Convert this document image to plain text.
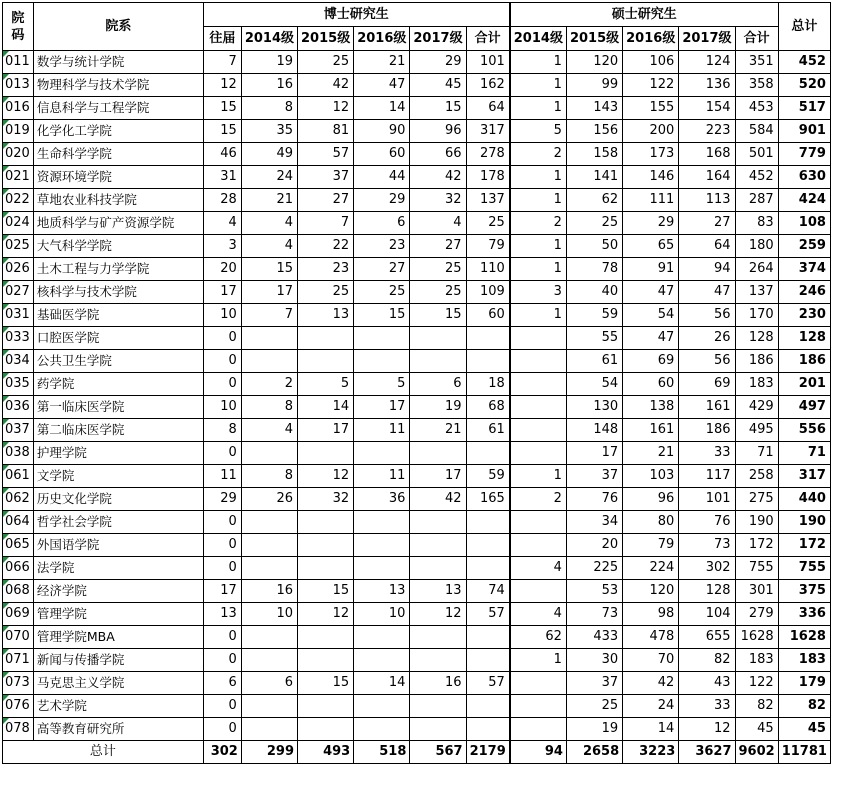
院
码	院系	博士研究生						硕士研究生					总计
		往届	2014级	2015级	2016级	2017级	合计	2014级	2015级	2016级	2017级	合计	
011	数学与统计学院	7	19	25	21	29	101	1	120	106	124	351	452
013	物理科学与技术学院	12	16	42	47	45	162	1	99	122	136	358	520
016	信息科学与工程学院	15	8	12	14	15	64	1	143	155	154	453	517
019	化学化工学院	15	35	81	90	96	317	5	156	200	223	584	901
020	生命科学学院	46	49	57	60	66	278	2	158	173	168	501	779
021	资源环境学院	31	24	37	44	42	178	1	141	146	164	452	630
022	草地农业科技学院	28	21	27	29	32	137	1	62	111	113	287	424
024	地质科学与矿产资源学院	4	4	7	6	4	25	2	25	29	27	83	108
025	大气科学学院	3	4	22	23	27	79	1	50	65	64	180	259
026	土木工程与力学学院	20	15	23	27	25	110	1	78	91	94	264	374
027	核科学与技术学院	17	17	25	25	25	109	3	40	47	47	137	246
031	基础医学院	10	7	13	15	15	60	1	59	54	56	170	230
033	口腔医学院	0							55	47	26	128	128
034	公共卫生学院	0							61	69	56	186	186
035	药学院	0	2	5	5	6	18		54	60	69	183	201
036	第一临床医学院	10	8	14	17	19	68		130	138	161	429	497
037	第二临床医学院	8	4	17	11	21	61		148	161	186	495	556
038	护理学院	0							17	21	33	71	71
061	文学院	11	8	12	11	17	59	1	37	103	117	258	317
062	历史文化学院	29	26	32	36	42	165	2	76	96	101	275	440
064	哲学社会学院	0							34	80	76	190	190
065	外国语学院	0							20	79	73	172	172
066	法学院	0						4	225	224	302	755	755
068	经济学院	17	16	15	13	13	74		53	120	128	301	375
069	管理学院	13	10	12	10	12	57	4	73	98	104	279	336
070	管理学院MBA	0						62	433	478	655	1628	1628
071	新闻与传播学院	0						1	30	70	82	183	183
073	马克思主义学院	6	6	15	14	16	57		37	42	43	122	179
076	艺术学院	0							25	24	33	82	82
078	高等教育研究所	0							19	14	12	45	45
总计		302	299	493	518	567	2179	94	2658	3223	3627	9602	11781
